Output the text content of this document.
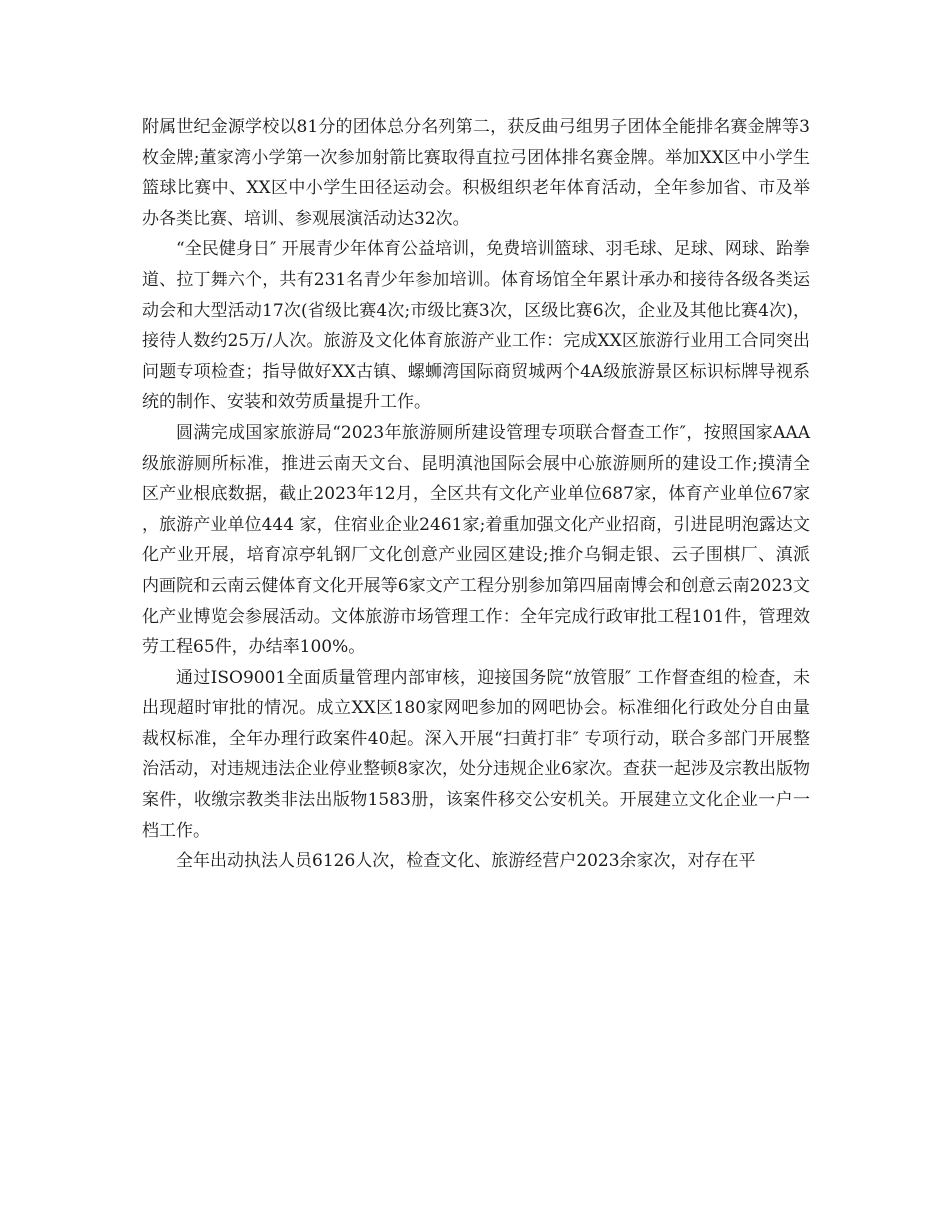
附属世纪金源学校以81分的团体总分名列第二，获反曲弓组男子团体全能排名赛金牌等3枚金牌;董家湾小学第一次参加射箭比赛取得直拉弓团体排名赛金牌。举加XX区中小学生篮球比赛中、XX区中小学生田径运动会。积极组织老年体育活动，全年参加省、市及举办各类比赛、培训、参观展演活动达32次。

“全民健身日″ 开展青少年体育公益培训，免费培训篮球、羽毛球、足球、网球、跆拳道、拉丁舞六个，共有231名青少年参加培训。体育场馆全年累计承办和接待各级各类运动会和大型活动17次(省级比赛4次;市级比赛3次，区级比赛6次，企业及其他比赛4次)，接待人数约25万/人次。旅游及文化体育旅游产业工作：完成XX区旅游行业用工合同突出问题专项检查；指导做好XX古镇、螺蛳湾国际商贸城两个4A级旅游景区标识标牌导视系统的制作、安装和效劳质量提升工作。

圆满完成国家旅游局“2023年旅游厕所建设管理专项联合督查工作″，按照国家AAA级旅游厕所标准，推进云南天文台、昆明滇池国际会展中心旅游厕所的建设工作;摸清全区产业根底数据，截止2023年12月，全区共有文化产业单位687家，体育产业单位67家，旅游产业单位444 家，住宿业企业2461家;着重加强文化产业招商，引进昆明泡露达文化产业开展，培育凉亭轧钢厂文化创意产业园区建设;推介乌铜走银、云子围棋厂、滇派内画院和云南云健体育文化开展等6家文产工程分别参加第四届南博会和创意云南2023文化产业博览会参展活动。文体旅游市场管理工作：全年完成行政审批工程101件，管理效劳工程65件，办结率100%。

通过ISO9001全面质量管理内部审核，迎接国务院“放管服″ 工作督查组的检查，未出现超时审批的情况。成立XX区180家网吧参加的网吧协会。标准细化行政处分自由量裁权标准，全年办理行政案件40起。深入开展“扫黄打非″ 专项行动，联合多部门开展整治活动，对违规违法企业停业整顿8家次，处分违规企业6家次。查获一起涉及宗教出版物案件，收缴宗教类非法出版物1583册，该案件移交公安机关。开展建立文化企业一户一档工作。

全年出动执法人员6126人次，检查文化、旅游经营户2023余家次，对存在平
